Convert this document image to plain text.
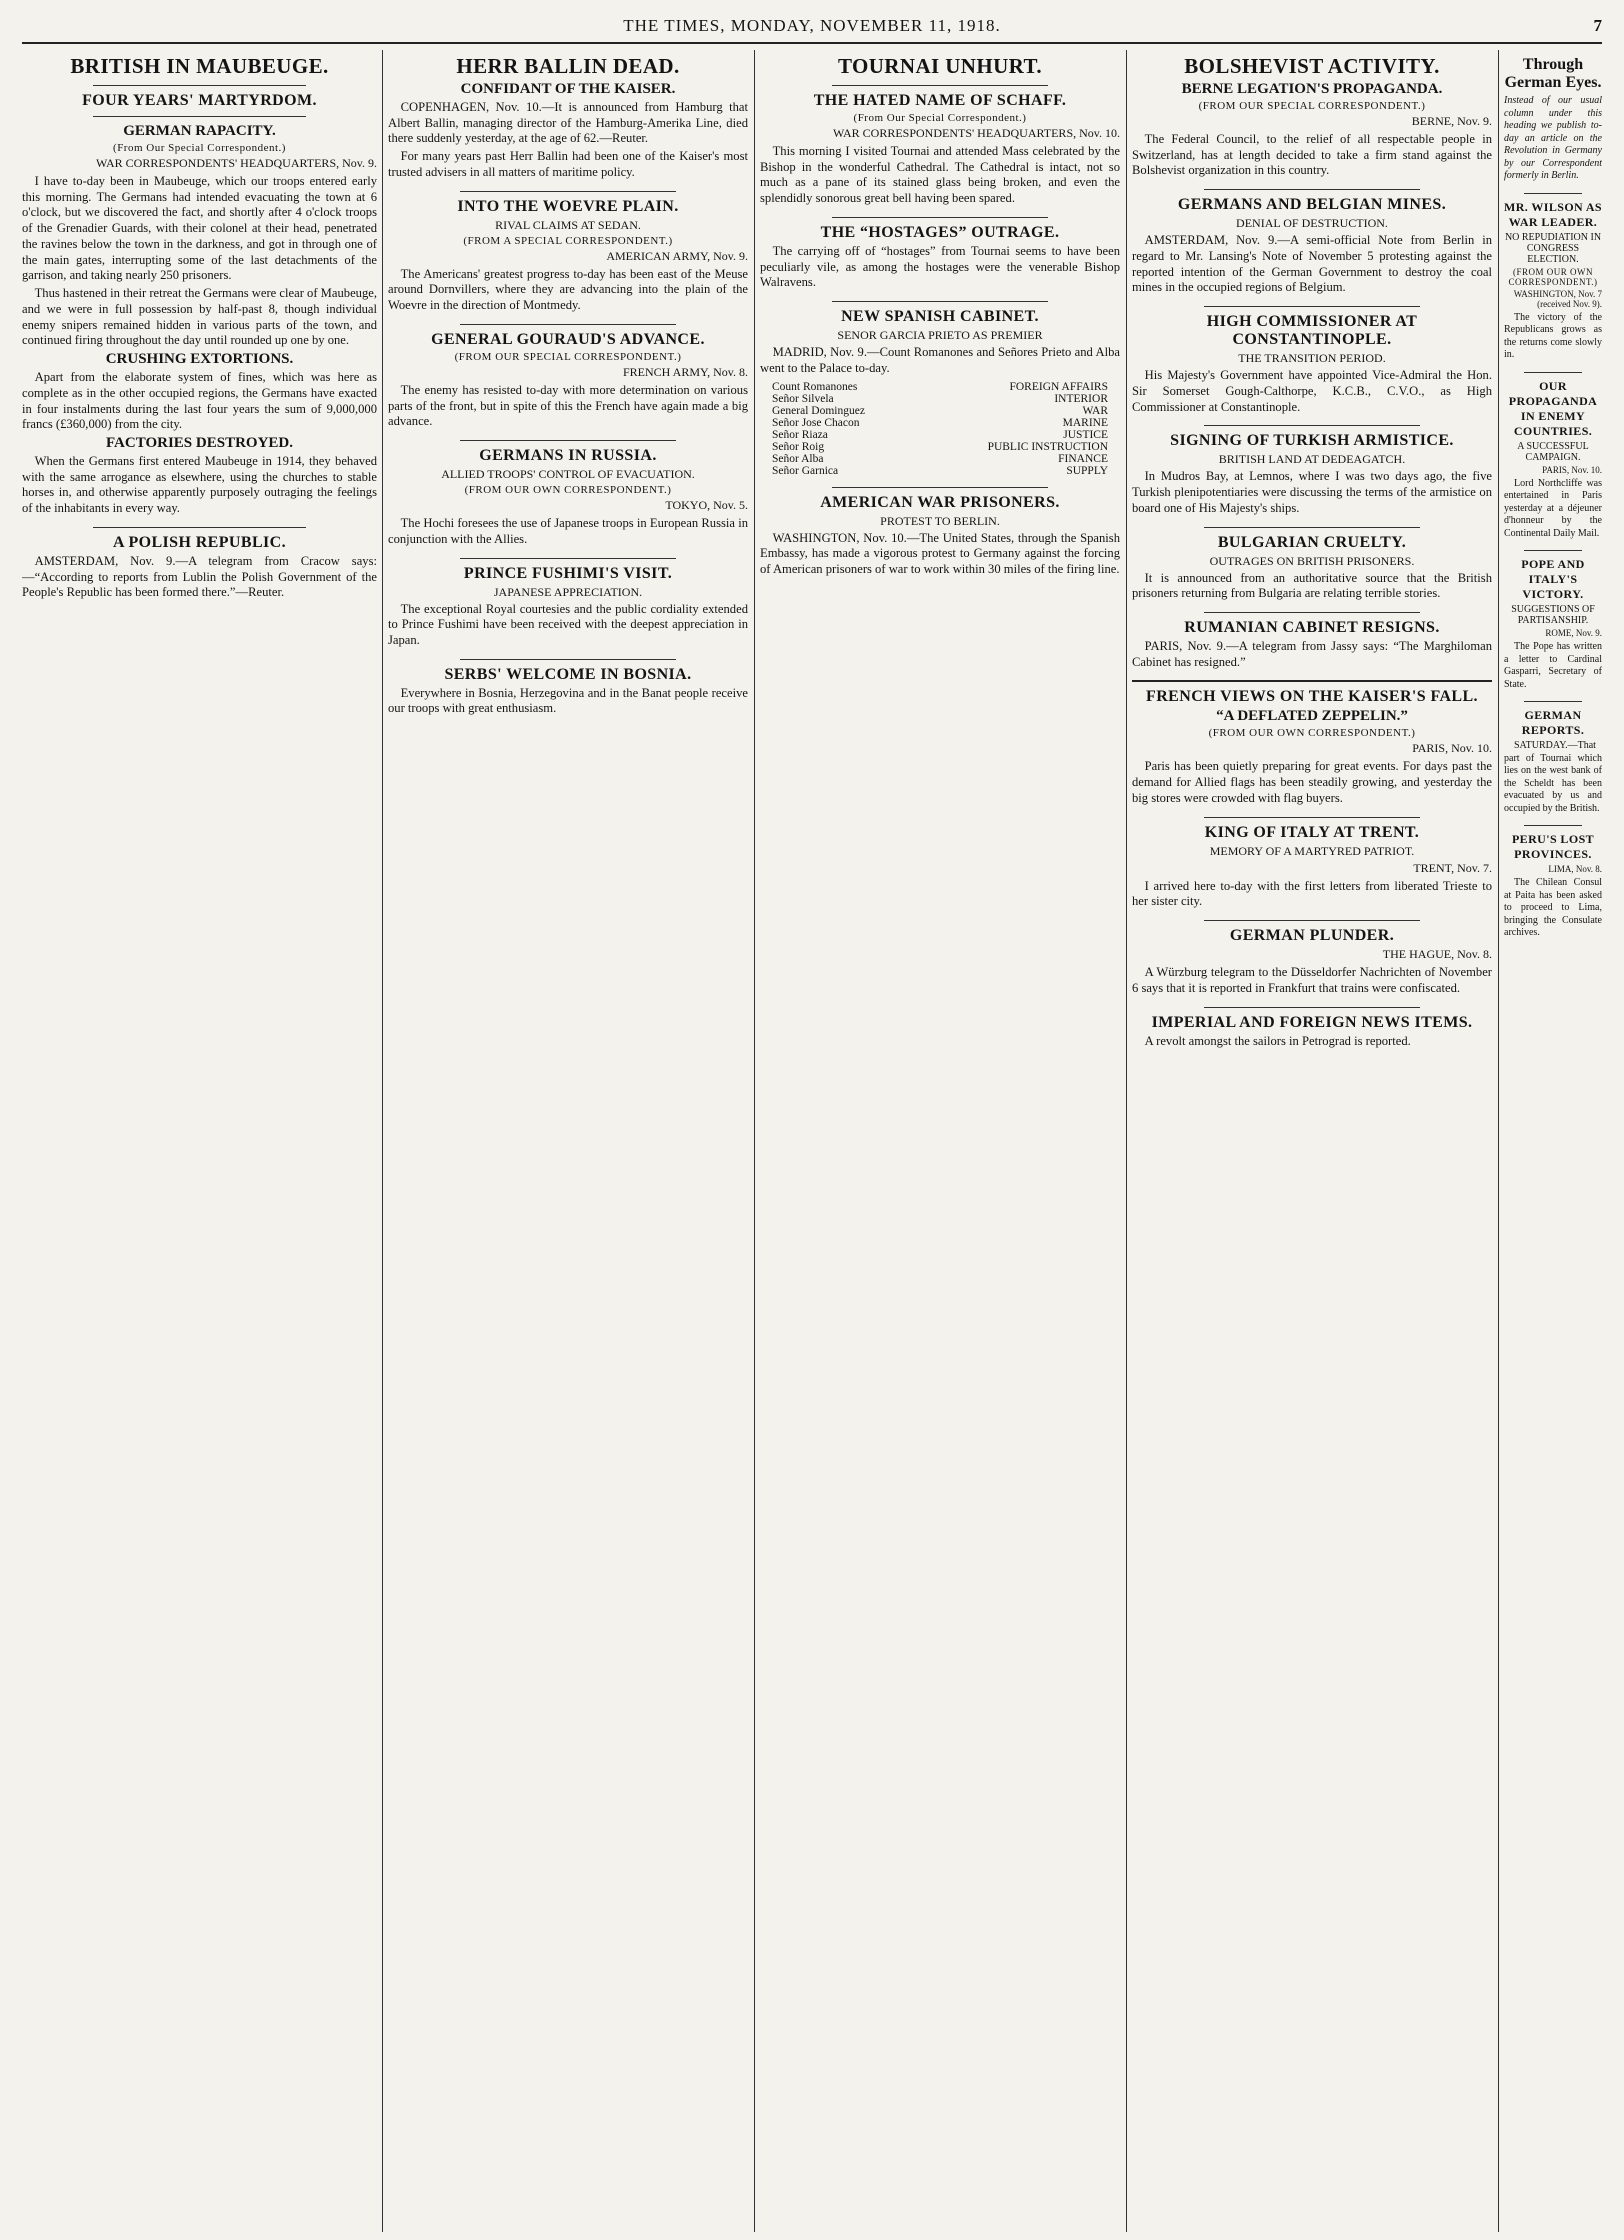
THE TIMES, MONDAY, NOVEMBER 11, 1918.	7
BRITISH IN MAUBEUGE.
FOUR YEARS' MARTYRDOM.
GERMAN RAPACITY.
(From Our Special Correspondent.)
WAR CORRESPONDENTS' HEADQUARTERS, Nov. 9.

I have to-day been in Maubeuge, which our troops entered early this morning. The Germans had intended evacuating the town at 6 o'clock, but we discovered the fact, and shortly after 4 o'clock troops of the Grenadier Guards, with their colonel at their head, penetrated the ravines below the town in the darkness, and got in through one of the main gates, interrupting some of the last detachments of the garrison, and taking nearly 250 prisoners.

Thus hastened in their retreat the Germans were clear of Maubeuge, and we were in full possession by half-past 8, though individual enemy snipers remained hidden in various parts of the town, and continued firing throughout the day until rounded up one by one.

CRUSHING EXTORTIONS.

Apart from the elaborate system of fines, which was here as complete as in the other occupied regions, the Germans have exacted in four instalments during the last four years the sum of 9,000,000 francs (£360,000) from the city.

FACTORIES DESTROYED.

When the Germans first entered Maubeuge in 1914, they behaved with the same arrogance as elsewhere, using the churches to stable horses in, and otherwise apparently purposely outraging the feelings of the inhabitants in every way.

A POLISH REPUBLIC.

AMSTERDAM, Nov. 9.—A telegram from Cracow says:—“According to reports from Lublin the Polish Government of the People's Republic has been formed there.”—Reuter.

HERR BALLIN DEAD.
CONFIDANT OF THE KAISER.

COPENHAGEN, Nov. 10.—It is announced from Hamburg that Albert Ballin, managing director of the Hamburg-Amerika Line, died there suddenly yesterday, at the age of 62.—Reuter.

For many years past Herr Ballin had been one of the Kaiser's most trusted advisers in all matters of maritime policy.

INTO THE WOEVRE PLAIN.
RIVAL CLAIMS AT SEDAN.
(FROM A SPECIAL CORRESPONDENT.)
AMERICAN ARMY, Nov. 9.

The Americans' greatest progress to-day has been east of the Meuse around Dornvillers, where they are advancing into the plain of the Woevre in the direction of Montmedy.

GENERAL GOURAUD'S ADVANCE.
(FROM OUR SPECIAL CORRESPONDENT.)
FRENCH ARMY, Nov. 8.

The enemy has resisted to-day with more determination on various parts of the front, but in spite of this the French have again made a big advance.

GERMANS IN RUSSIA.
ALLIED TROOPS' CONTROL OF EVACUATION.
(FROM OUR OWN CORRESPONDENT.)
TOKYO, Nov. 5.

The Hochi foresees the use of Japanese troops in European Russia in conjunction with the Allies.

PRINCE FUSHIMI'S VISIT.
JAPANESE APPRECIATION.

The exceptional Royal courtesies and the public cordiality extended to Prince Fushimi have been received with the deepest appreciation in Japan.

SERBS' WELCOME IN BOSNIA.

Everywhere in Bosnia, Herzegovina and in the Banat people receive our troops with great enthusiasm.

TOURNAI UNHURT.
THE HATED NAME OF SCHAFF.
(From Our Special Correspondent.)
WAR CORRESPONDENTS' HEADQUARTERS, Nov. 10.

This morning I visited Tournai and attended Mass celebrated by the Bishop in the wonderful Cathedral. The Cathedral is intact, not so much as a pane of its stained glass being broken, and even the splendidly sonorous great bell having been spared.

THE “HOSTAGES” OUTRAGE.

The carrying off of “hostages” from Tournai seems to have been peculiarly vile, as among the hostages were the venerable Bishop Walravens.

NEW SPANISH CABINET.
SENOR GARCIA PRIETO AS PREMIER

MADRID, Nov. 9.—Count Romanones and Señores Prieto and Alba went to the Palace to-day.

Count Romanones	FOREIGN AFFAIRS
Señor Silvela	INTERIOR
General Dominguez	WAR
Señor Jose Chacon	MARINE
Señor Riaza	JUSTICE
Señor Roig	PUBLIC INSTRUCTION
Señor Alba	FINANCE
Señor Garnica	SUPPLY
AMERICAN WAR PRISONERS.
PROTEST TO BERLIN.

WASHINGTON, Nov. 10.—The United States, through the Spanish Embassy, has made a vigorous protest to Germany against the forcing of American prisoners of war to work within 30 miles of the firing line.

BOLSHEVIST ACTIVITY.
BERNE LEGATION'S PROPAGANDA.
(FROM OUR SPECIAL CORRESPONDENT.)
BERNE, Nov. 9.

The Federal Council, to the relief of all respectable people in Switzerland, has at length decided to take a firm stand against the Bolshevist organization in this country.

GERMANS AND BELGIAN MINES.
DENIAL OF DESTRUCTION.

AMSTERDAM, Nov. 9.—A semi-official Note from Berlin in regard to Mr. Lansing's Note of November 5 protesting against the reported intention of the German Government to destroy the coal mines in the occupied regions of Belgium.

HIGH COMMISSIONER AT CONSTANTINOPLE.
THE TRANSITION PERIOD.

His Majesty's Government have appointed Vice-Admiral the Hon. Sir Somerset Gough-Calthorpe, K.C.B., C.V.O., as High Commissioner at Constantinople.

SIGNING OF TURKISH ARMISTICE.
BRITISH LAND AT DEDEAGATCH.

In Mudros Bay, at Lemnos, where I was two days ago, the five Turkish plenipotentiaries were discussing the terms of the armistice on board one of His Majesty's ships.

BULGARIAN CRUELTY.
OUTRAGES ON BRITISH PRISONERS.

It is announced from an authoritative source that the British prisoners returning from Bulgaria are relating terrible stories.

RUMANIAN CABINET RESIGNS.

PARIS, Nov. 9.—A telegram from Jassy says: “The Marghiloman Cabinet has resigned.”

FRENCH VIEWS ON THE KAISER'S FALL.
“A DEFLATED ZEPPELIN.”
(FROM OUR OWN CORRESPONDENT.)
PARIS, Nov. 10.

Paris has been quietly preparing for great events. For days past the demand for Allied flags has been steadily growing, and yesterday the big stores were crowded with flag buyers.

KING OF ITALY AT TRENT.
MEMORY OF A MARTYRED PATRIOT.
TRENT, Nov. 7.

I arrived here to-day with the first letters from liberated Trieste to her sister city.

GERMAN PLUNDER.
THE HAGUE, Nov. 8.

A Würzburg telegram to the Düsseldorfer Nachrichten of November 6 says that it is reported in Frankfurt that trains were confiscated.

IMPERIAL AND FOREIGN NEWS ITEMS.

A revolt amongst the sailors in Petrograd is reported.

Through German Eyes.

Instead of our usual column under this heading we publish to-day an article on the Revolution in Germany by our Correspondent formerly in Berlin.

MR. WILSON AS WAR LEADER.
NO REPUDIATION IN CONGRESS ELECTION.
(FROM OUR OWN CORRESPONDENT.)
WASHINGTON, Nov. 7 (received Nov. 9).

The victory of the Republicans grows as the returns come slowly in.

OUR PROPAGANDA IN ENEMY COUNTRIES.
A SUCCESSFUL CAMPAIGN.
PARIS, Nov. 10.

Lord Northcliffe was entertained in Paris yesterday at a déjeuner d'honneur by the Continental Daily Mail.

POPE AND ITALY'S VICTORY.
SUGGESTIONS OF PARTISANSHIP.
ROME, Nov. 9.

The Pope has written a letter to Cardinal Gasparri, Secretary of State.

GERMAN REPORTS.

SATURDAY.—That part of Tournai which lies on the west bank of the Scheldt has been evacuated by us and occupied by the British.

PERU'S LOST PROVINCES.
LIMA, Nov. 8.

The Chilean Consul at Paita has been asked to proceed to Lima, bringing the Consulate archives.
